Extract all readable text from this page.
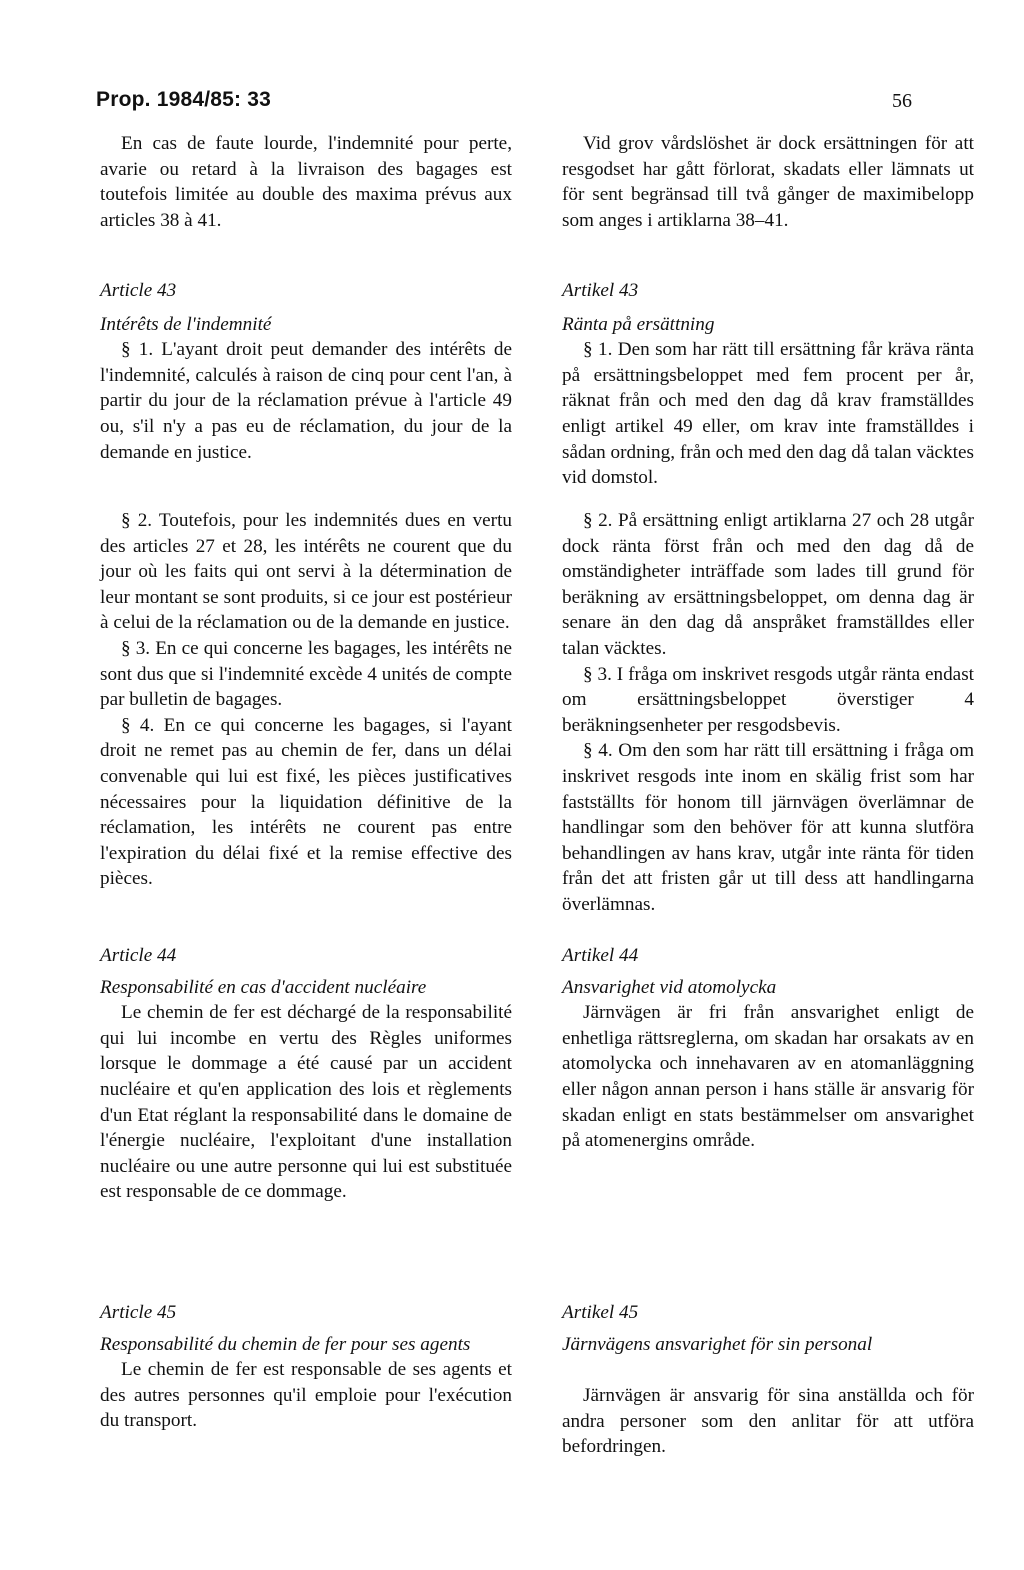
Prop. 1984/85: 33	56

En cas de faute lourde, l'indemnité pour perte, avarie ou retard à la livraison des bagages est toutefois limitée au double des maxima prévus aux articles 38 à 41.

Article 43

Intérêts de l'indemnité

§ 1. L'ayant droit peut demander des intérêts de l'indemnité, calculés à raison de cinq pour cent l'an, à partir du jour de la réclamation prévue à l'article 49 ou, s'il n'y a pas eu de réclamation, du jour de la demande en justice.

§ 2. Toutefois, pour les indemnités dues en vertu des articles 27 et 28, les intérêts ne courent que du jour où les faits qui ont servi à la détermination de leur montant se sont produits, si ce jour est postérieur à celui de la réclamation ou de la demande en justice.

§ 3. En ce qui concerne les bagages, les intérêts ne sont dus que si l'indemnité excède 4 unités de compte par bulletin de bagages.

§ 4. En ce qui concerne les bagages, si l'ayant droit ne remet pas au chemin de fer, dans un délai convenable qui lui est fixé, les pièces justificatives nécessaires pour la liquidation définitive de la réclamation, les intérêts ne courent pas entre l'expiration du délai fixé et la remise effective des pièces.

Article 44

Responsabilité en cas d'accident nucléaire

Le chemin de fer est déchargé de la responsabilité qui lui incombe en vertu des Règles uniformes lorsque le dommage a été causé par un accident nucléaire et qu'en application des lois et règlements d'un Etat réglant la responsabilité dans le domaine de l'énergie nucléaire, l'exploitant d'une installation nucléaire ou une autre personne qui lui est substituée est responsable de ce dommage.

Article 45

Responsabilité du chemin de fer pour ses agents

Le chemin de fer est responsable de ses agents et des autres personnes qu'il emploie pour l'exécution du transport.

Vid grov vårdslöshet är dock ersättningen för att resgodset har gått förlorat, skadats eller lämnats ut för sent begränsad till två gånger de maximibelopp som anges i artiklarna 38–41.

Artikel 43

Ränta på ersättning

§ 1. Den som har rätt till ersättning får kräva ränta på ersättningsbeloppet med fem procent per år, räknat från och med den dag då krav framställdes enligt artikel 49 eller, om krav inte framställdes i sådan ordning, från och med den dag då talan väcktes vid domstol.

§ 2. På ersättning enligt artiklarna 27 och 28 utgår dock ränta först från och med den dag då de omständigheter inträffade som lades till grund för beräkning av ersättningsbeloppet, om denna dag är senare än den dag då anspråket framställdes eller talan väcktes.

§ 3. I fråga om inskrivet resgods utgår ränta endast om ersättningsbeloppet överstiger 4 beräkningsenheter per resgodsbevis.

§ 4. Om den som har rätt till ersättning i fråga om inskrivet resgods inte inom en skälig frist som har fastställts för honom till järnvägen överlämnar de handlingar som den behöver för att kunna slutföra behandlingen av hans krav, utgår inte ränta för tiden från det att fristen går ut till dess att handlingarna överlämnas.

Artikel 44

Ansvarighet vid atomolycka

Järnvägen är fri från ansvarighet enligt de enhetliga rättsreglerna, om skadan har orsakats av en atomolycka och innehavaren av en atomanläggning eller någon annan person i hans ställe är ansvarig för skadan enligt en stats bestämmelser om ansvarighet på atomenergins område.

Artikel 45

Järnvägens ansvarighet för sin personal

Järnvägen är ansvarig för sina anställda och för andra personer som den anlitar för att utföra befordringen.
